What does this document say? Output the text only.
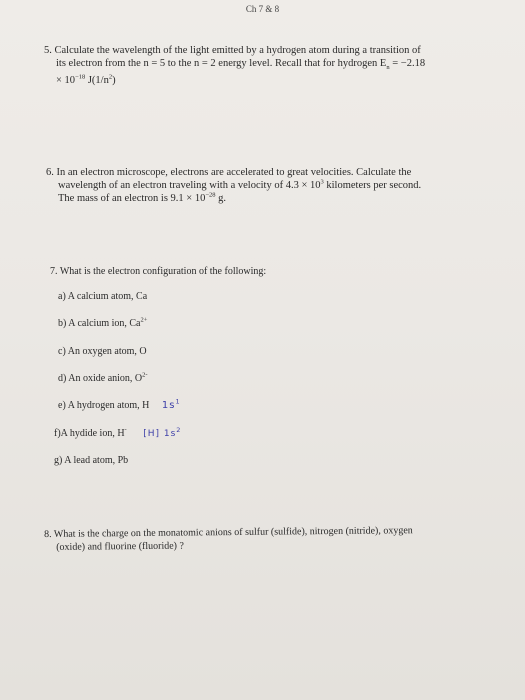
Ch 7 & 8
5. Calculate the wavelength of the light emitted by a hydrogen atom during a transition of
its electron from the n = 5 to the n = 2 energy level. Recall that for hydrogen $E_n = -2.18$
× $10^{-18}$ $J(1/n^2)$
6. In an electron microscope, electrons are accelerated to great velocities. Calculate the
wavelength of an electron traveling with a velocity of $4.3 \times 10^3$ kilometers per second.
The mass of an electron is $9.1 \times 10^{-28}$ g.
7. What is the electron configuration of the following:
a) A calcium atom, Ca
b) A calcium ion, $Ca^{2+}$
c) An oxygen atom, O
d) An oxide anion, $O^{2-}$
e) A hydrogen atom, H $1s^1$
f)A hydide ion, H- [H] $1s^2$
g) A lead atom, Pb
8. What is the charge on the monatomic anions of sulfur (sulfide), nitrogen (nitride), oxygen
(oxide) and fluorine (fluoride) ?
